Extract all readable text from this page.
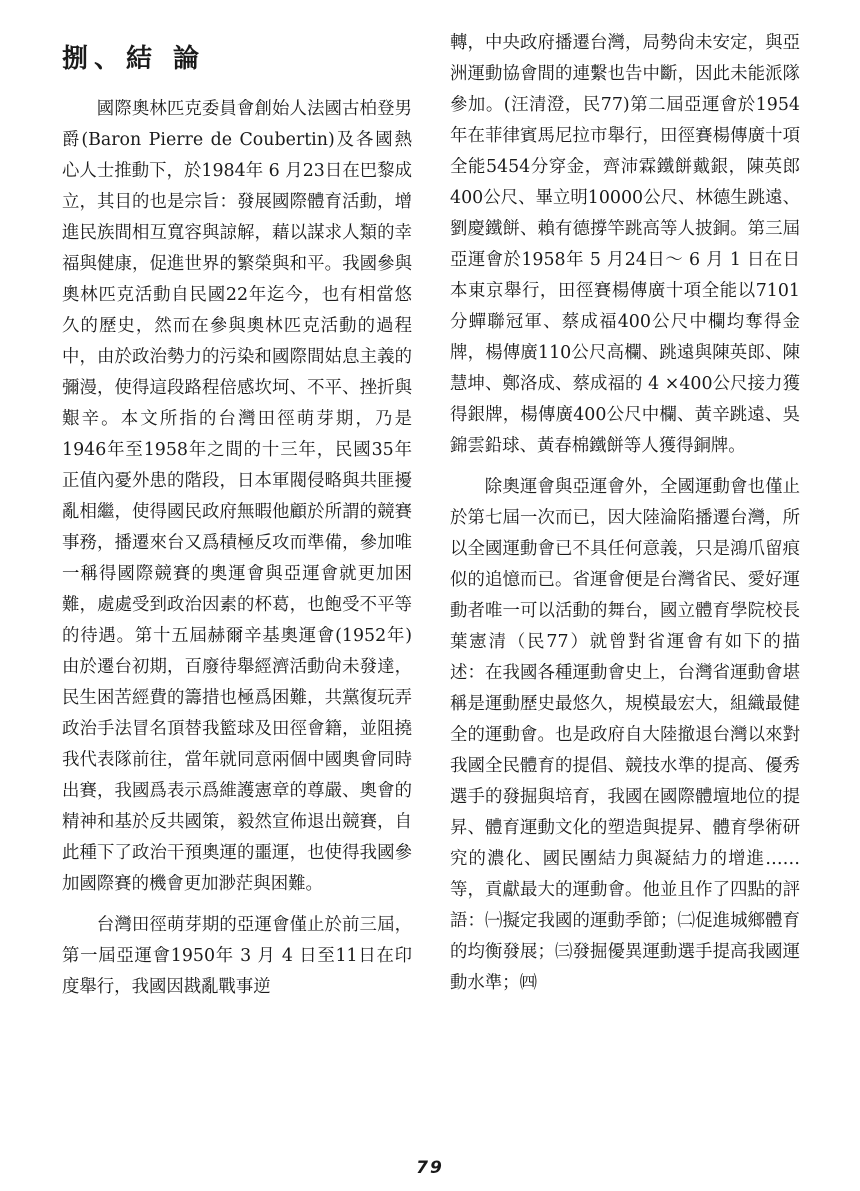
捌、結 論

國際奧林匹克委員會創始人法國古柏登男爵(Baron Pierre de Coubertin)及各國熱心人士推動下，於1984年 6 月23日在巴黎成立，其目的也是宗旨：發展國際體育活動，增進民族間相互寬容與諒解，藉以謀求人類的幸福與健康，促進世界的繁榮與和平。我國參與奧林匹克活動自民國22年迄今，也有相當悠久的歷史，然而在參與奧林匹克活動的過程中，由於政治勢力的污染和國際間姑息主義的彌漫，使得這段路程倍感坎坷、不平、挫折與艱辛。本文所指的台灣田徑萌芽期，乃是1946年至1958年之間的十三年，民國35年正值內憂外患的階段，日本軍閥侵略與共匪擾亂相繼，使得國民政府無暇他顧於所謂的競賽事務，播遷來台又爲積極反攻而準備，參加唯一稱得國際競賽的奧運會與亞運會就更加困難，處處受到政治因素的杯葛，也飽受不平等的待遇。第十五屆赫爾辛基奧運會(1952年)由於遷台初期，百廢待舉經濟活動尙未發達，民生困苦經費的籌措也極爲困難，共黨復玩弄政治手法冒名頂替我籃球及田徑會籍，並阻撓我代表隊前往，當年就同意兩個中國奧會同時出賽，我國爲表示爲維護憲章的尊嚴、奧會的精神和基於反共國策，毅然宣佈退出競賽，自此種下了政治干預奧運的噩運，也使得我國參加國際賽的機會更加渺茫與困難。

台灣田徑萌芽期的亞運會僅止於前三屆，第一屆亞運會1950年 3 月 4 日至11日在印度舉行，我國因戡亂戰事逆

轉，中央政府播遷台灣，局勢尙未安定，與亞洲運動協會間的連繫也告中斷，因此未能派隊參加。(汪清澄，民77)第二屆亞運會於1954年在菲律賓馬尼拉市舉行，田徑賽楊傳廣十項全能5454分穿金，齊沛霖鐵餅戴銀，陳英郎400公尺、畢立明10000公尺、林德生跳遠、劉慶鐵餅、賴有德撐竿跳高等人披銅。第三屆亞運會於1958年 5 月24日～ 6 月 1 日在日本東京舉行，田徑賽楊傳廣十項全能以7101分蟬聯冠軍、蔡成福400公尺中欄均奪得金牌，楊傳廣110公尺高欄、跳遠與陳英郎、陳慧坤、鄭洛成、蔡成福的 4 ×400公尺接力獲得銀牌，楊傳廣400公尺中欄、黃辛跳遠、吳錦雲鉛球、黃春棉鐵餅等人獲得銅牌。

除奧運會與亞運會外，全國運動會也僅止於第七屆一次而已，因大陸淪陷播遷台灣，所以全國運動會已不具任何意義，只是鴻爪留痕似的追憶而已。省運會便是台灣省民、愛好運動者唯一可以活動的舞台，國立體育學院校長葉憲清（民77）就曾對省運會有如下的描述：在我國各種運動會史上，台灣省運動會堪稱是運動歷史最悠久，規模最宏大，組織最健全的運動會。也是政府自大陸撤退台灣以來對我國全民體育的提倡、競技水準的提高、優秀選手的發掘與培育，我國在國際體壇地位的提昇、體育運動文化的塑造與提昇、體育學術研究的濃化、國民團結力與凝結力的增進……等，貢獻最大的運動會。他並且作了四點的評語：㈠擬定我國的運動季節；㈡促進城鄉體育的均衡發展；㈢發掘優異運動選手提高我國運動水準；㈣

79
